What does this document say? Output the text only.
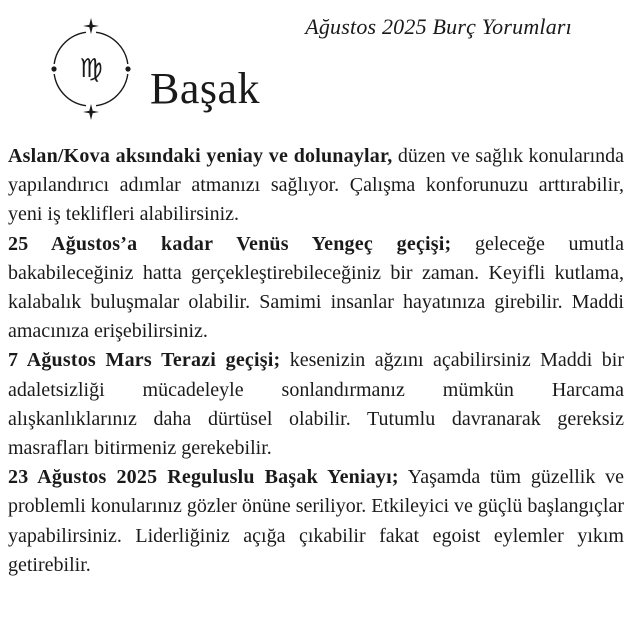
Ağustos 2025 Burç Yorumları
♍ Başak

Aslan/Kova aksındaki yeniay ve dolunaylar, düzen ve sağlık konularında yapılandırıcı adımlar atmanızı sağlıyor. Çalışma konforunuzu arttırabilir, yeni iş teklifleri alabilirsiniz.

25 Ağustos’a kadar Venüs Yengeç geçişi; geleceğe umutla bakabileceğiniz hatta gerçekleştirebileceğiniz bir zaman. Keyifli kutlama, kalabalık buluşmalar olabilir. Samimi insanlar hayatınıza girebilir. Maddi amacınıza erişebilirsiniz.

7 Ağustos Mars Terazi geçişi; kesenizin ağzını açabilirsiniz Maddi bir adaletsizliği mücadeleyle sonlandırmanız mümkün Harcama alışkanlıklarınız daha dürtüsel olabilir. Tutumlu davranarak gereksiz masrafları bitirmeniz gerekebilir.

23 Ağustos 2025 Regulu​slu Başak Yeniayı; Yaşamda tüm güzellik ve problemli konularınız gözler önüne seriliyor. Etkileyici ve güçlü başlangıçlar yapabilirsiniz. Liderliğiniz açığa çıkabilir fakat egoist eylemler yıkım getirebilir.
